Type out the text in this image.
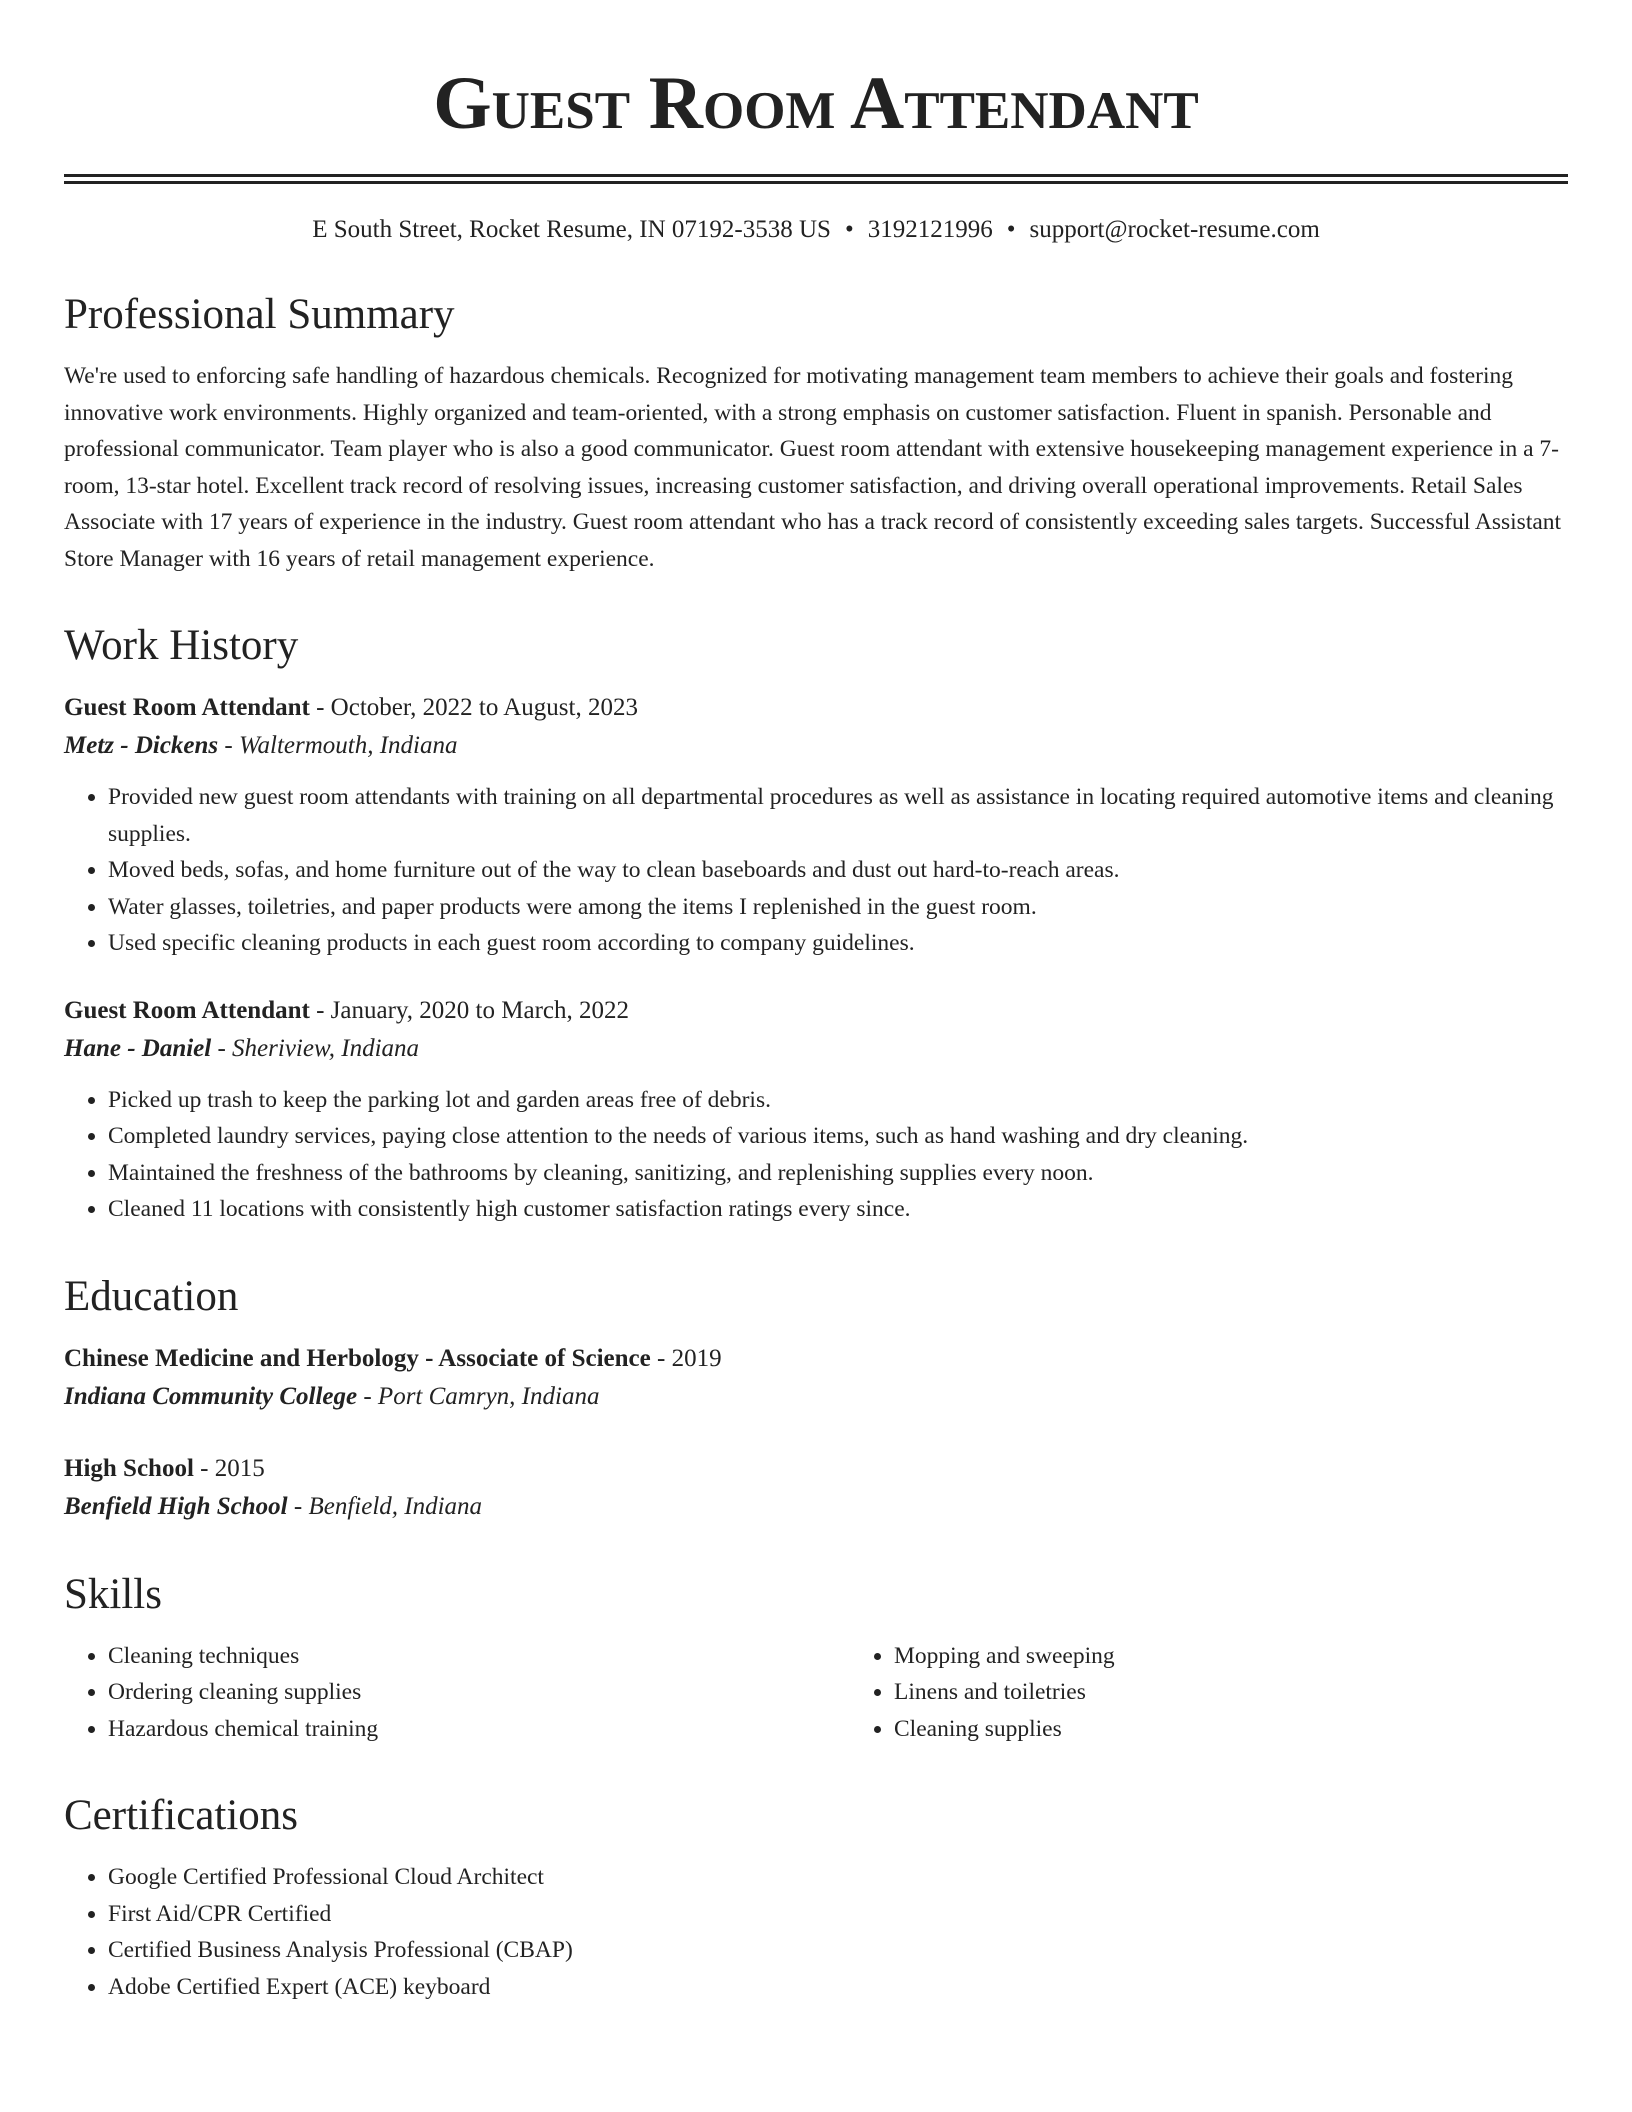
Guest Room Attendant
E South Street, Rocket Resume, IN 07192-3538 US • 3192121996 • support@rocket-resume.com
Professional Summary

We're used to enforcing safe handling of hazardous chemicals. Recognized for motivating management team members to achieve their goals and fostering innovative work environments. Highly organized and team-oriented, with a strong emphasis on customer satisfaction. Fluent in spanish. Personable and professional communicator. Team player who is also a good communicator. Guest room attendant with extensive housekeeping management experience in a 7-room, 13-star hotel. Excellent track record of resolving issues, increasing customer satisfaction, and driving overall operational improvements. Retail Sales Associate with 17 years of experience in the industry. Guest room attendant who has a track record of consistently exceeding sales targets. Successful Assistant Store Manager with 16 years of retail management experience.

Work History
Guest Room Attendant - October, 2022 to August, 2023
Metz - Dickens - Waltermouth, Indiana
• Provided new guest room attendants with training on all departmental procedures as well as assistance in locating required automotive items and cleaning supplies.
• Moved beds, sofas, and home furniture out of the way to clean baseboards and dust out hard-to-reach areas.
• Water glasses, toiletries, and paper products were among the items I replenished in the guest room.
• Used specific cleaning products in each guest room according to company guidelines.
Guest Room Attendant - January, 2020 to March, 2022
Hane - Daniel - Sheriview, Indiana
• Picked up trash to keep the parking lot and garden areas free of debris.
• Completed laundry services, paying close attention to the needs of various items, such as hand washing and dry cleaning.
• Maintained the freshness of the bathrooms by cleaning, sanitizing, and replenishing supplies every noon.
• Cleaned 11 locations with consistently high customer satisfaction ratings every since.
Education
Chinese Medicine and Herbology - Associate of Science - 2019
Indiana Community College - Port Camryn, Indiana
High School - 2015
Benfield High School - Benfield, Indiana
Skills
• Cleaning techniques
• Ordering cleaning supplies
• Hazardous chemical training
• Mopping and sweeping
• Linens and toiletries
• Cleaning supplies
Certifications
• Google Certified Professional Cloud Architect
• First Aid/CPR Certified
• Certified Business Analysis Professional (CBAP)
• Adobe Certified Expert (ACE) keyboard
